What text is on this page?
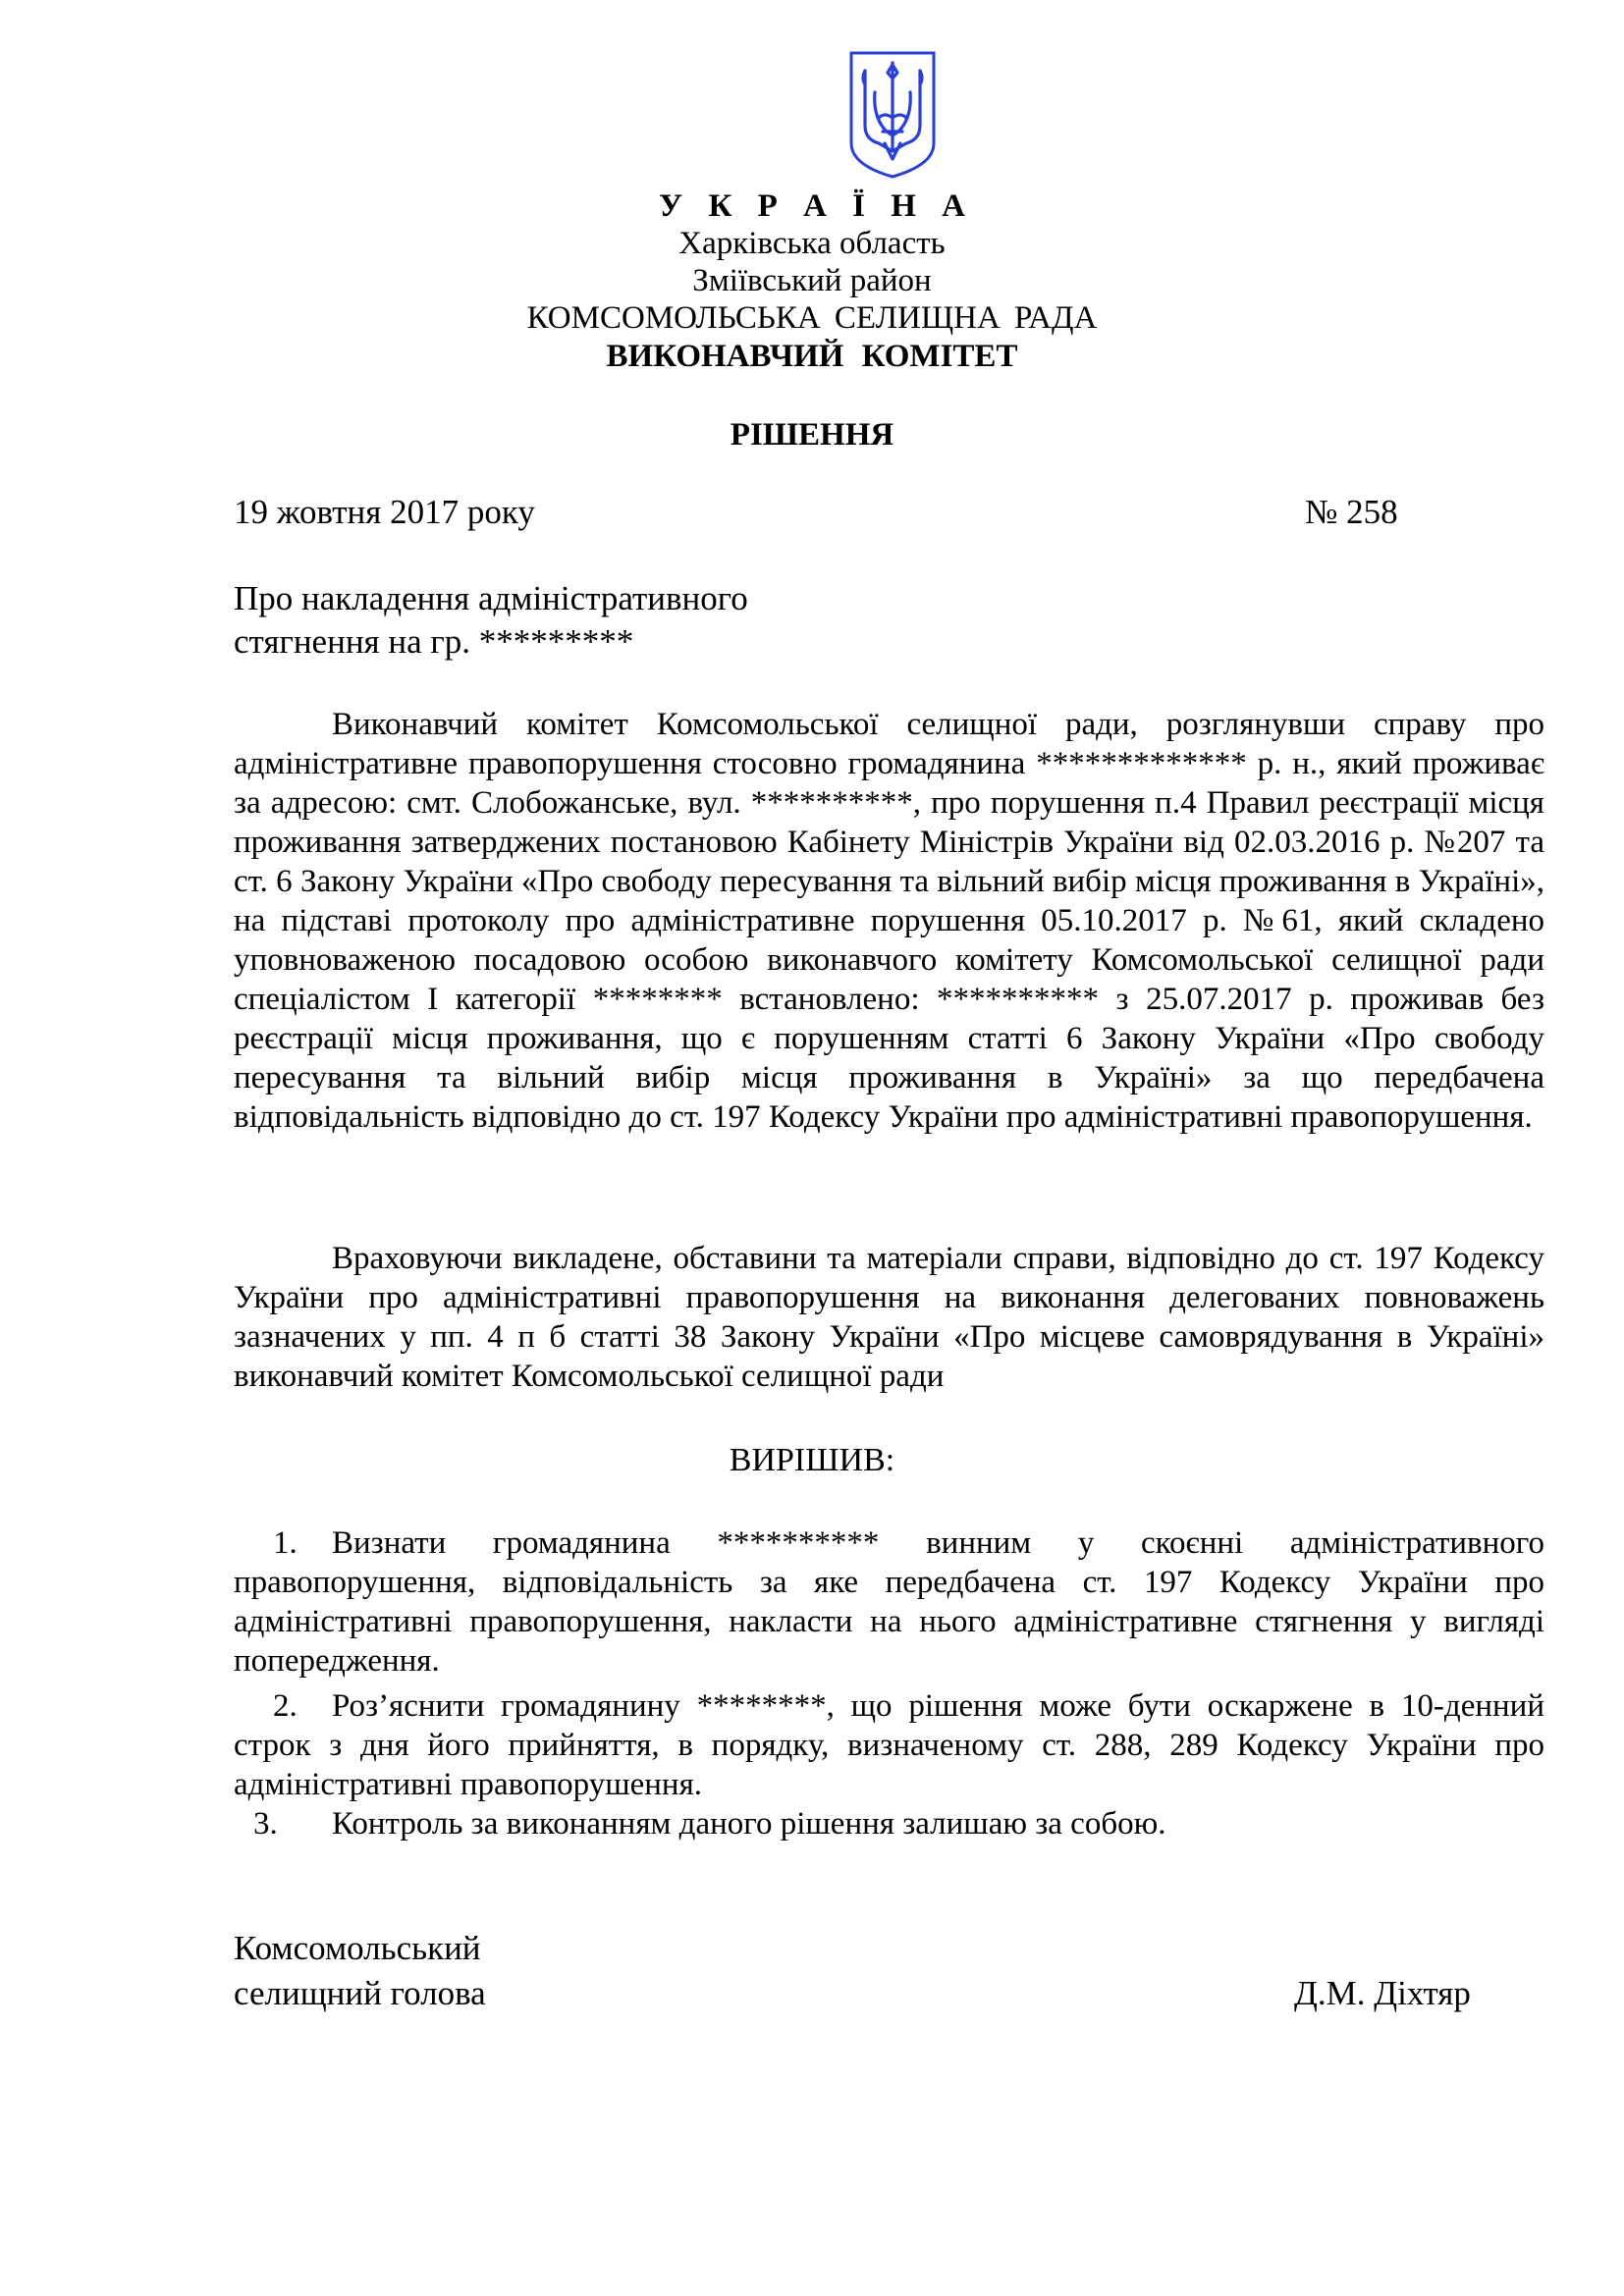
У К Р А Ї Н А
Харківська область
Зміївський район
КОМСОМОЛЬСЬКА СЕЛИЩНА РАДА
ВИКОНАВЧИЙ КОМІТЕТ
РІШЕННЯ
19 жовтня 2017 року	№ 258
Про накладення адміністративного
стягнення на гр. *********
Виконавчий комітет Комсомольської селищної ради, розглянувши справу про адміністративне правопорушення стосовно громадянина ************* р. н., який проживає за адресою: смт. Слобожанське, вул. **********, про порушення п.4 Правил реєстрації місця проживання затверджених постановою Кабінету Міністрів України від 02.03.2016 р. №207 та ст. 6 Закону України «Про свободу пересування та вільний вибір місця проживання в Україні», на підставі протоколу про адміністративне порушення 05.10.2017 р. №61, який складено уповноваженою посадовою особою виконавчого комітету Комсомольської селищної ради спеціалістом І категорії ******** встановлено: ********** з 25.07.2017 р. проживав без реєстрації місця проживання, що є порушенням статті 6 Закону України «Про свободу пересування та вільний вибір місця проживання в Україні» за що передбачена відповідальність відповідно до ст. 197 Кодексу України про адміністративні правопорушення.
Враховуючи викладене, обставини та матеріали справи, відповідно до ст. 197 Кодексу України про адміністративні правопорушення на виконання делегованих повноважень зазначених у пп. 4 п б статті 38 Закону України «Про місцеве самоврядування в Україні» виконавчий комітет Комсомольської селищної ради
ВИРІШИВ:
1. Визнати громадянина ********** винним у скоєнні адміністративного правопорушення, відповідальність за яке передбачена ст. 197 Кодексу України про адміністративні правопорушення, накласти на нього адміністративне стягнення у вигляді попередження.
2. Роз’яснити громадянину ********, що рішення може бути оскаржене в 10-денний строк з дня його прийняття, в порядку, визначеному ст. 288, 289 Кодексу України про адміністративні правопорушення.
3. Контроль за виконанням даного рішення залишаю за собою.
Комсомольський
селищний голова	Д.М. Діхтяр
